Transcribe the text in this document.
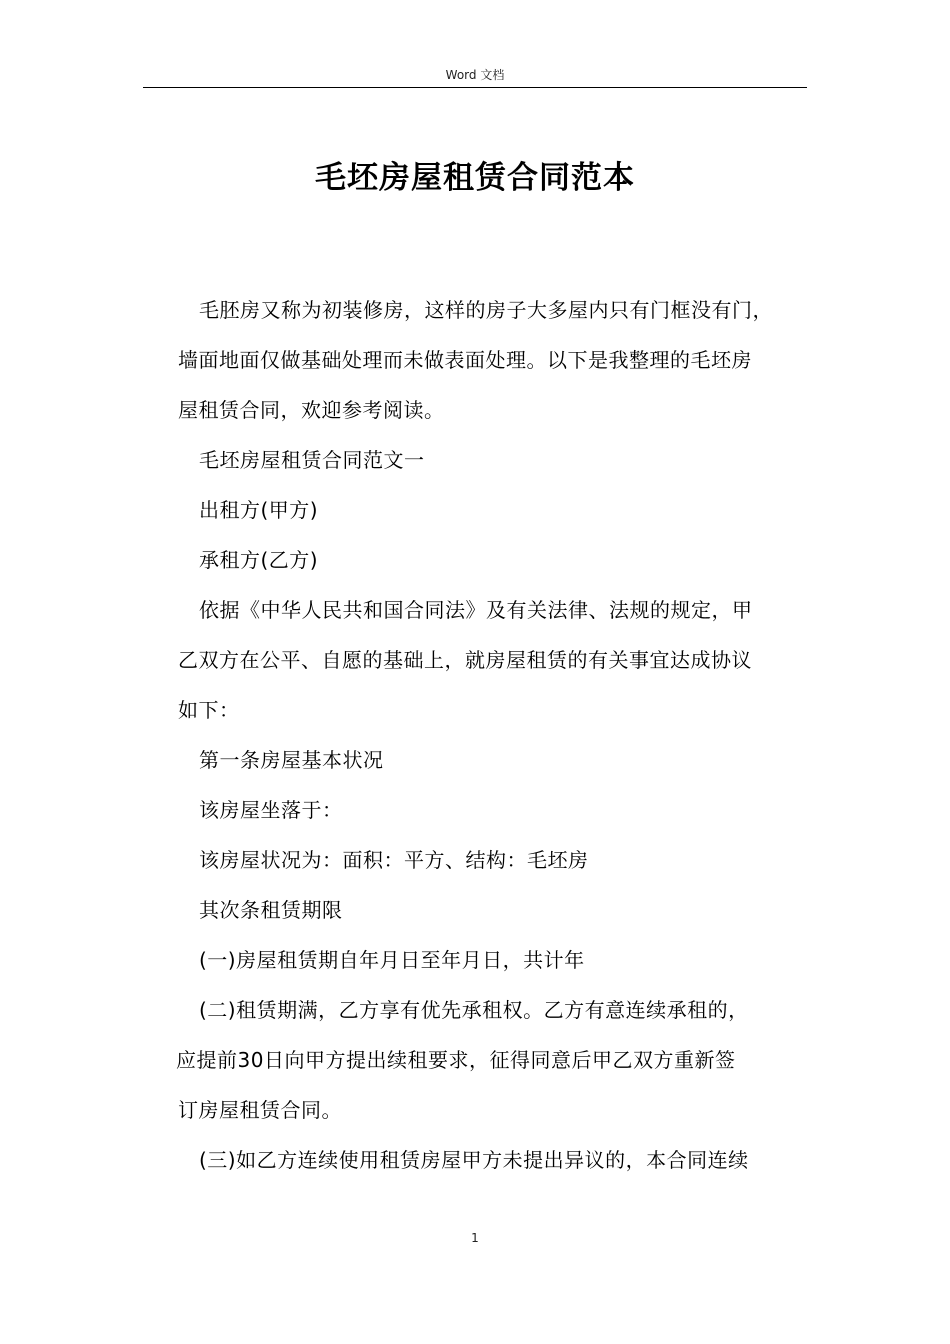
Word 文档
毛坯房屋租赁合同范本

毛胚房又称为初装修房，这样的房子大多屋内只有门框没有门，

墙面地面仅做基础处理而未做表面处理。以下是我整理的毛坯房

屋租赁合同，欢迎参考阅读。

毛坯房屋租赁合同范文一

出租方(甲方)

承租方(乙方)

依据《中华人民共和国合同法》及有关法律、法规的规定，甲

乙双方在公平、自愿的基础上，就房屋租赁的有关事宜达成协议

如下：

第一条房屋基本状况

该房屋坐落于：

该房屋状况为：面积：平方、结构：毛坯房

其次条租赁期限

(一)房屋租赁期自年月日至年月日，共计年

(二)租赁期满，乙方享有优先承租权。乙方有意连续承租的，

应提前30日向甲方提出续租要求，征得同意后甲乙双方重新签

订房屋租赁合同。

(三)如乙方连续使用租赁房屋甲方未提出异议的，本合同连续

1
